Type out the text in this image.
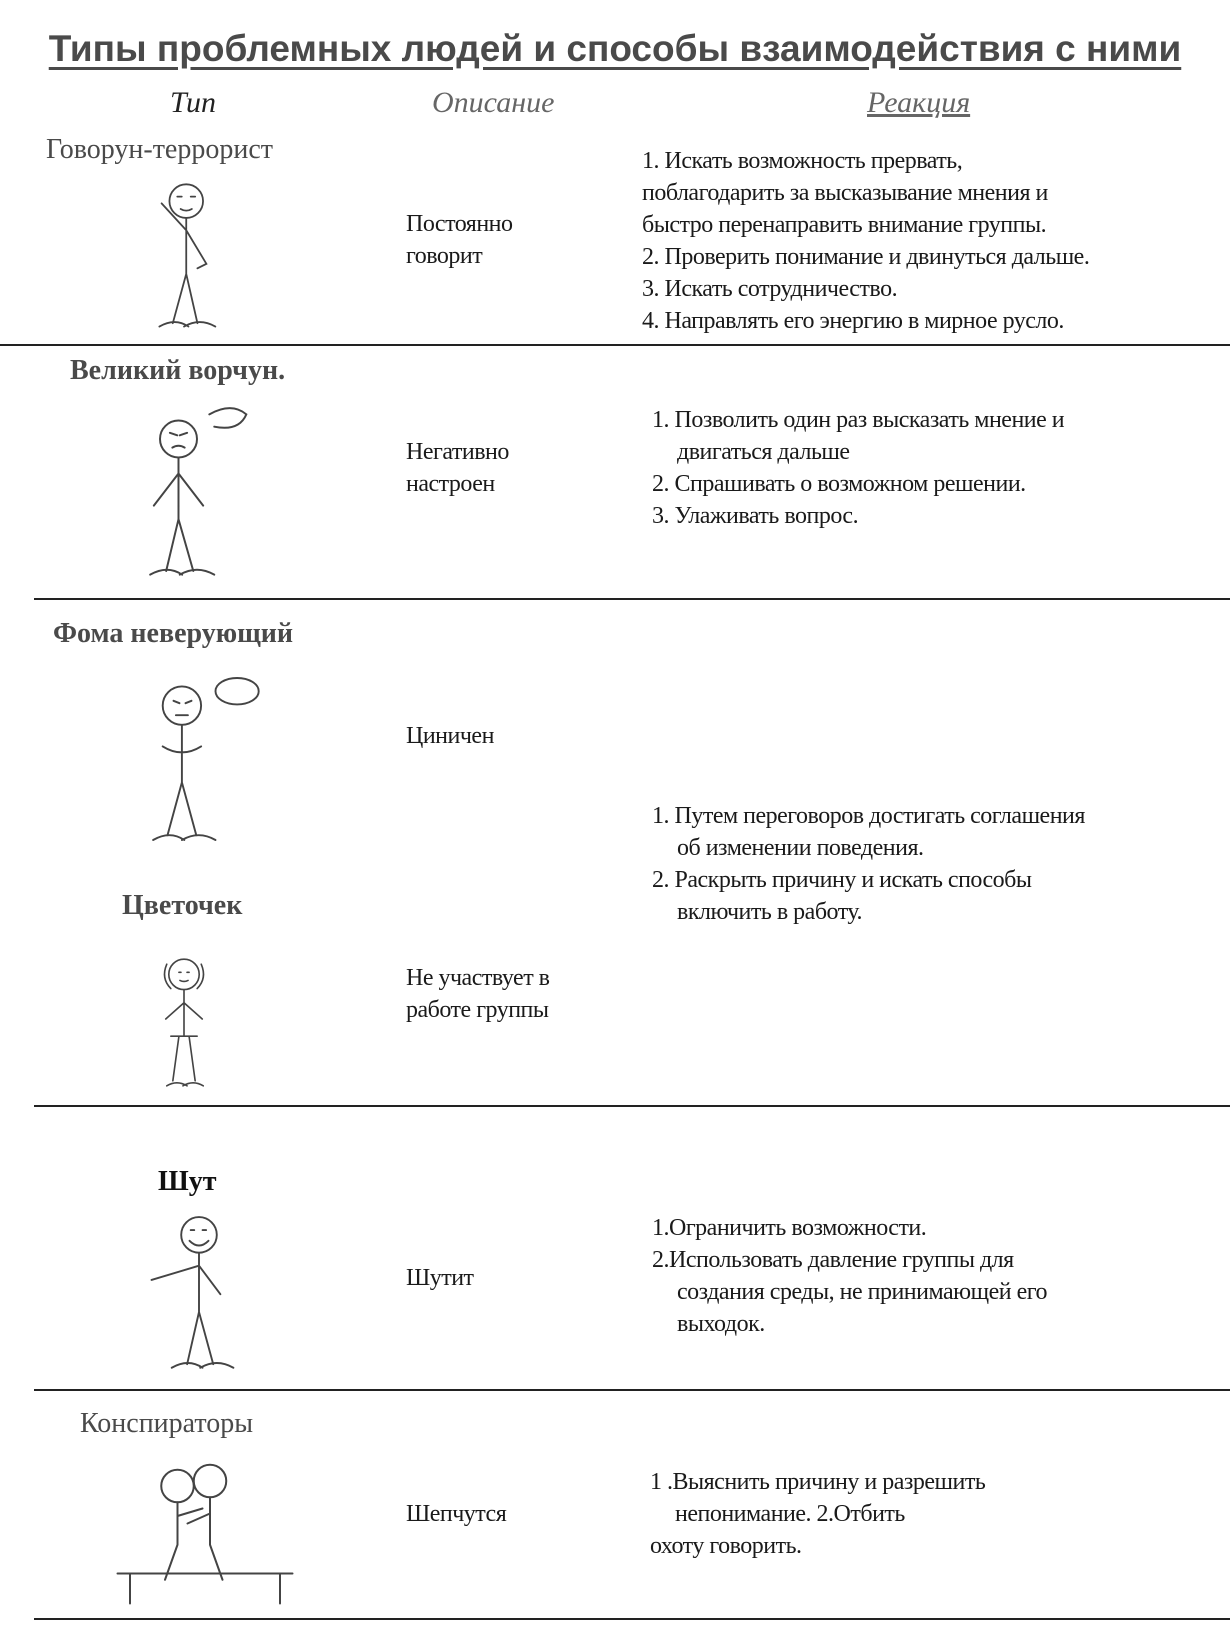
Типы проблемных людей и способы взаимодействия с ними
Тип	Описание	Реакция
Говорун-террорист
Постоянно
говорит
1. Искать возможность прервать,
поблагодарить за высказывание мнения и
быстро перенаправить внимание группы.
2. Проверить понимание и двинуться дальше.
3. Искать сотрудничество.
4. Направлять его энергию в мирное русло.
Великий ворчун.
Негативно
настроен
1. Позволить один раз высказать мнение и
двигаться дальше
2. Спрашивать о возможном решении.
3. Улаживать вопрос.
Фома неверующий
Циничен
Цветочек
Не участвует в
работе группы
1. Путем переговоров достигать соглашения
об изменении поведения.
2. Раскрыть причину и искать способы
включить в работу.
Шут
Шутит
1.Ограничить возможности.
2.Использовать давление группы для
создания среды, не принимающей его
выходок.
Конспираторы
Шепчутся
1 .Выяснить причину и разрешить
непонимание. 2.Отбить
охоту говорить.
